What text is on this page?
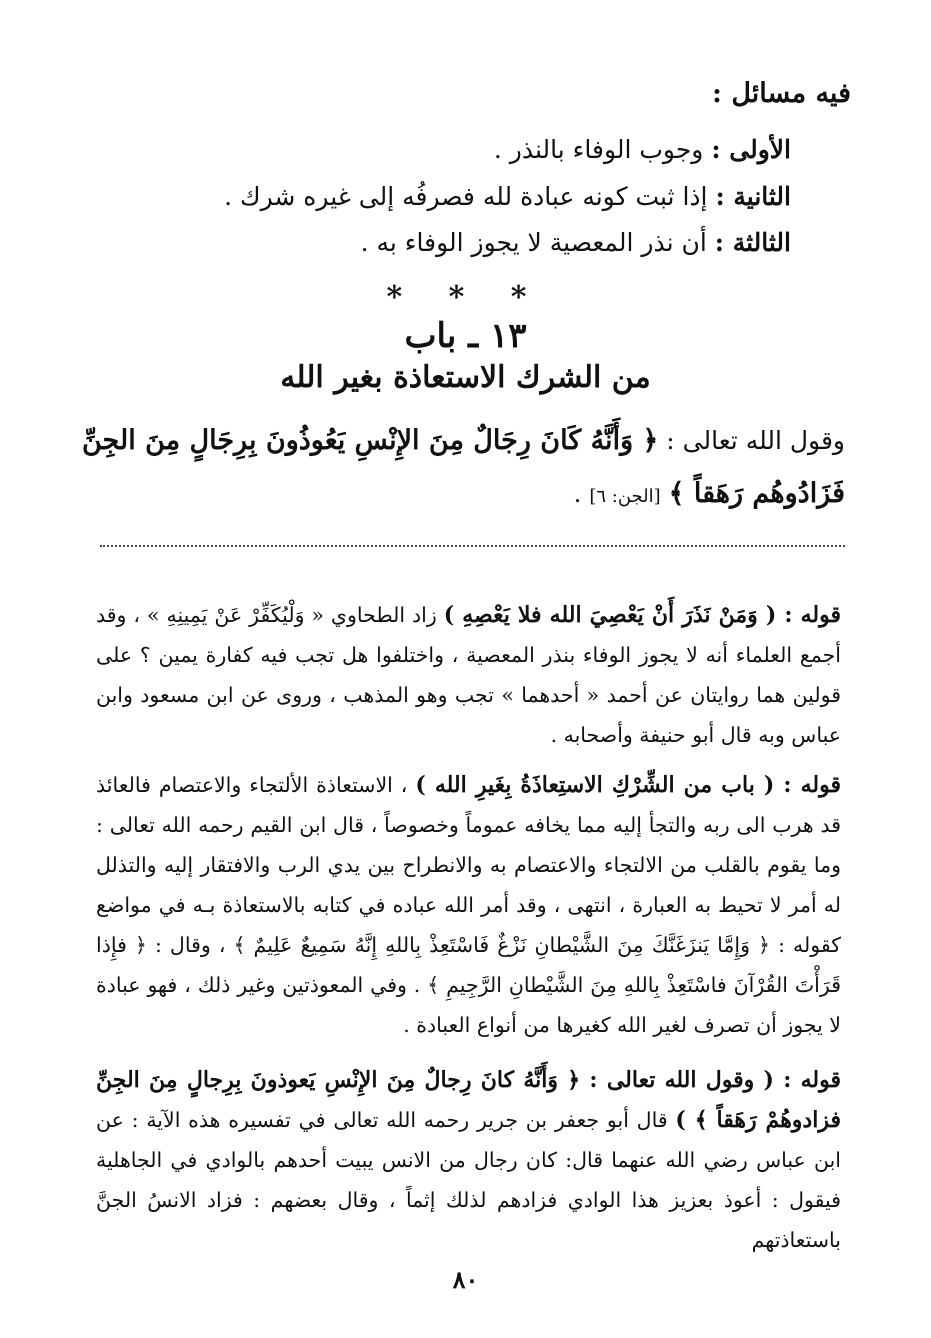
فيه مسائل :
الأولى : وجوب الوفاء بالنذر .
الثانية : إذا ثبت كونه عبادة لله فصرفُه إلى غيره شرك .
الثالثة : أن نذر المعصية لا يجوز الوفاء به .
* * *
١٣ ـ باب
من الشرك الاستعاذة بغير الله
وقول الله تعالى : ﴿ وَأَنَّهُ كَانَ رِجَالٌ مِنَ الإِنْسِ يَعُوذُونَ بِرِجَالٍ مِنَ الجِنِّ
فَزَادُوهُم رَهَقاً ﴾ [الجن: ٦] .
قوله : ( وَمَنْ نَذَرَ أَنْ يَعْصِيَ الله فلا يَعْصِهِ ) زاد الطحاوي « وَلْيُكَفِّرْ عَنْ يَمِينِهِ » ، وقد أجمع العلماء أنه لا يجوز الوفاء بنذر المعصية ، واختلفوا هل تجب فيه كفارة يمين ؟ على قولين هما روايتان عن أحمد « أحدهما » تجب وهو المذهب ، وروى عن ابن مسعود وابن عباس وبه قال أبو حنيفة وأصحابه .
قوله : ( باب من الشِّرْكِ الاستِعاذَةُ بِغَيرِ الله ) ، الاستعاذة الألتجاء والاعتصام فالعائذ قد هرب الى ربه والتجأ إليه مما يخافه عموماً وخصوصاً ، قال ابن القيم رحمه الله تعالى : وما يقوم بالقلب من الالتجاء والاعتصام به والانطراح بين يدي الرب والافتقار إليه والتذلل له أمر لا تحيط به العبارة ، انتهى ، وقد أمر الله عباده في كتابه بالاستعاذة بـه في مواضع كقوله : ﴿ وَإِمَّا يَنزَغَنَّكَ مِنَ الشَّيْطانِ نَزْغٌ فَاسْتَعِذْ بِاللهِ إِنَّهُ سَمِيعٌ عَلِيمٌ ﴾ ، وقال : ﴿ فإِذا قَرَأْتَ القُرْآنَ فاسْتَعِذْ بِاللهِ مِنَ الشَّيْطانِ الرَّجِيمِ ﴾ . وفي المعوذتين وغير ذلك ، فهو عبادة لا يجوز أن تصرف لغير الله كغيرها من أنواع العبادة .
قوله : ( وقول الله تعالى : ﴿ وَأَنَّهُ كانَ رِجالٌ مِنَ الإِنْسِ يَعوذونَ بِرِجالٍ مِنَ الجِنِّ فزادوهُمْ رَهَقاً ﴾ ) قال أبو جعفر بن جرير رحمه الله تعالى في تفسيره هذه الآية : عن ابن عباس رضي الله عنهما قال: كان رجال من الانس يبيت أحدهم بالوادي في الجاهلية فيقول : أعوذ بعزيز هذا الوادي فزادهم لذلك إثماً ، وقال بعضهم : فزاد الانسُ الجنَّ باستعاذتهم
٨٠
